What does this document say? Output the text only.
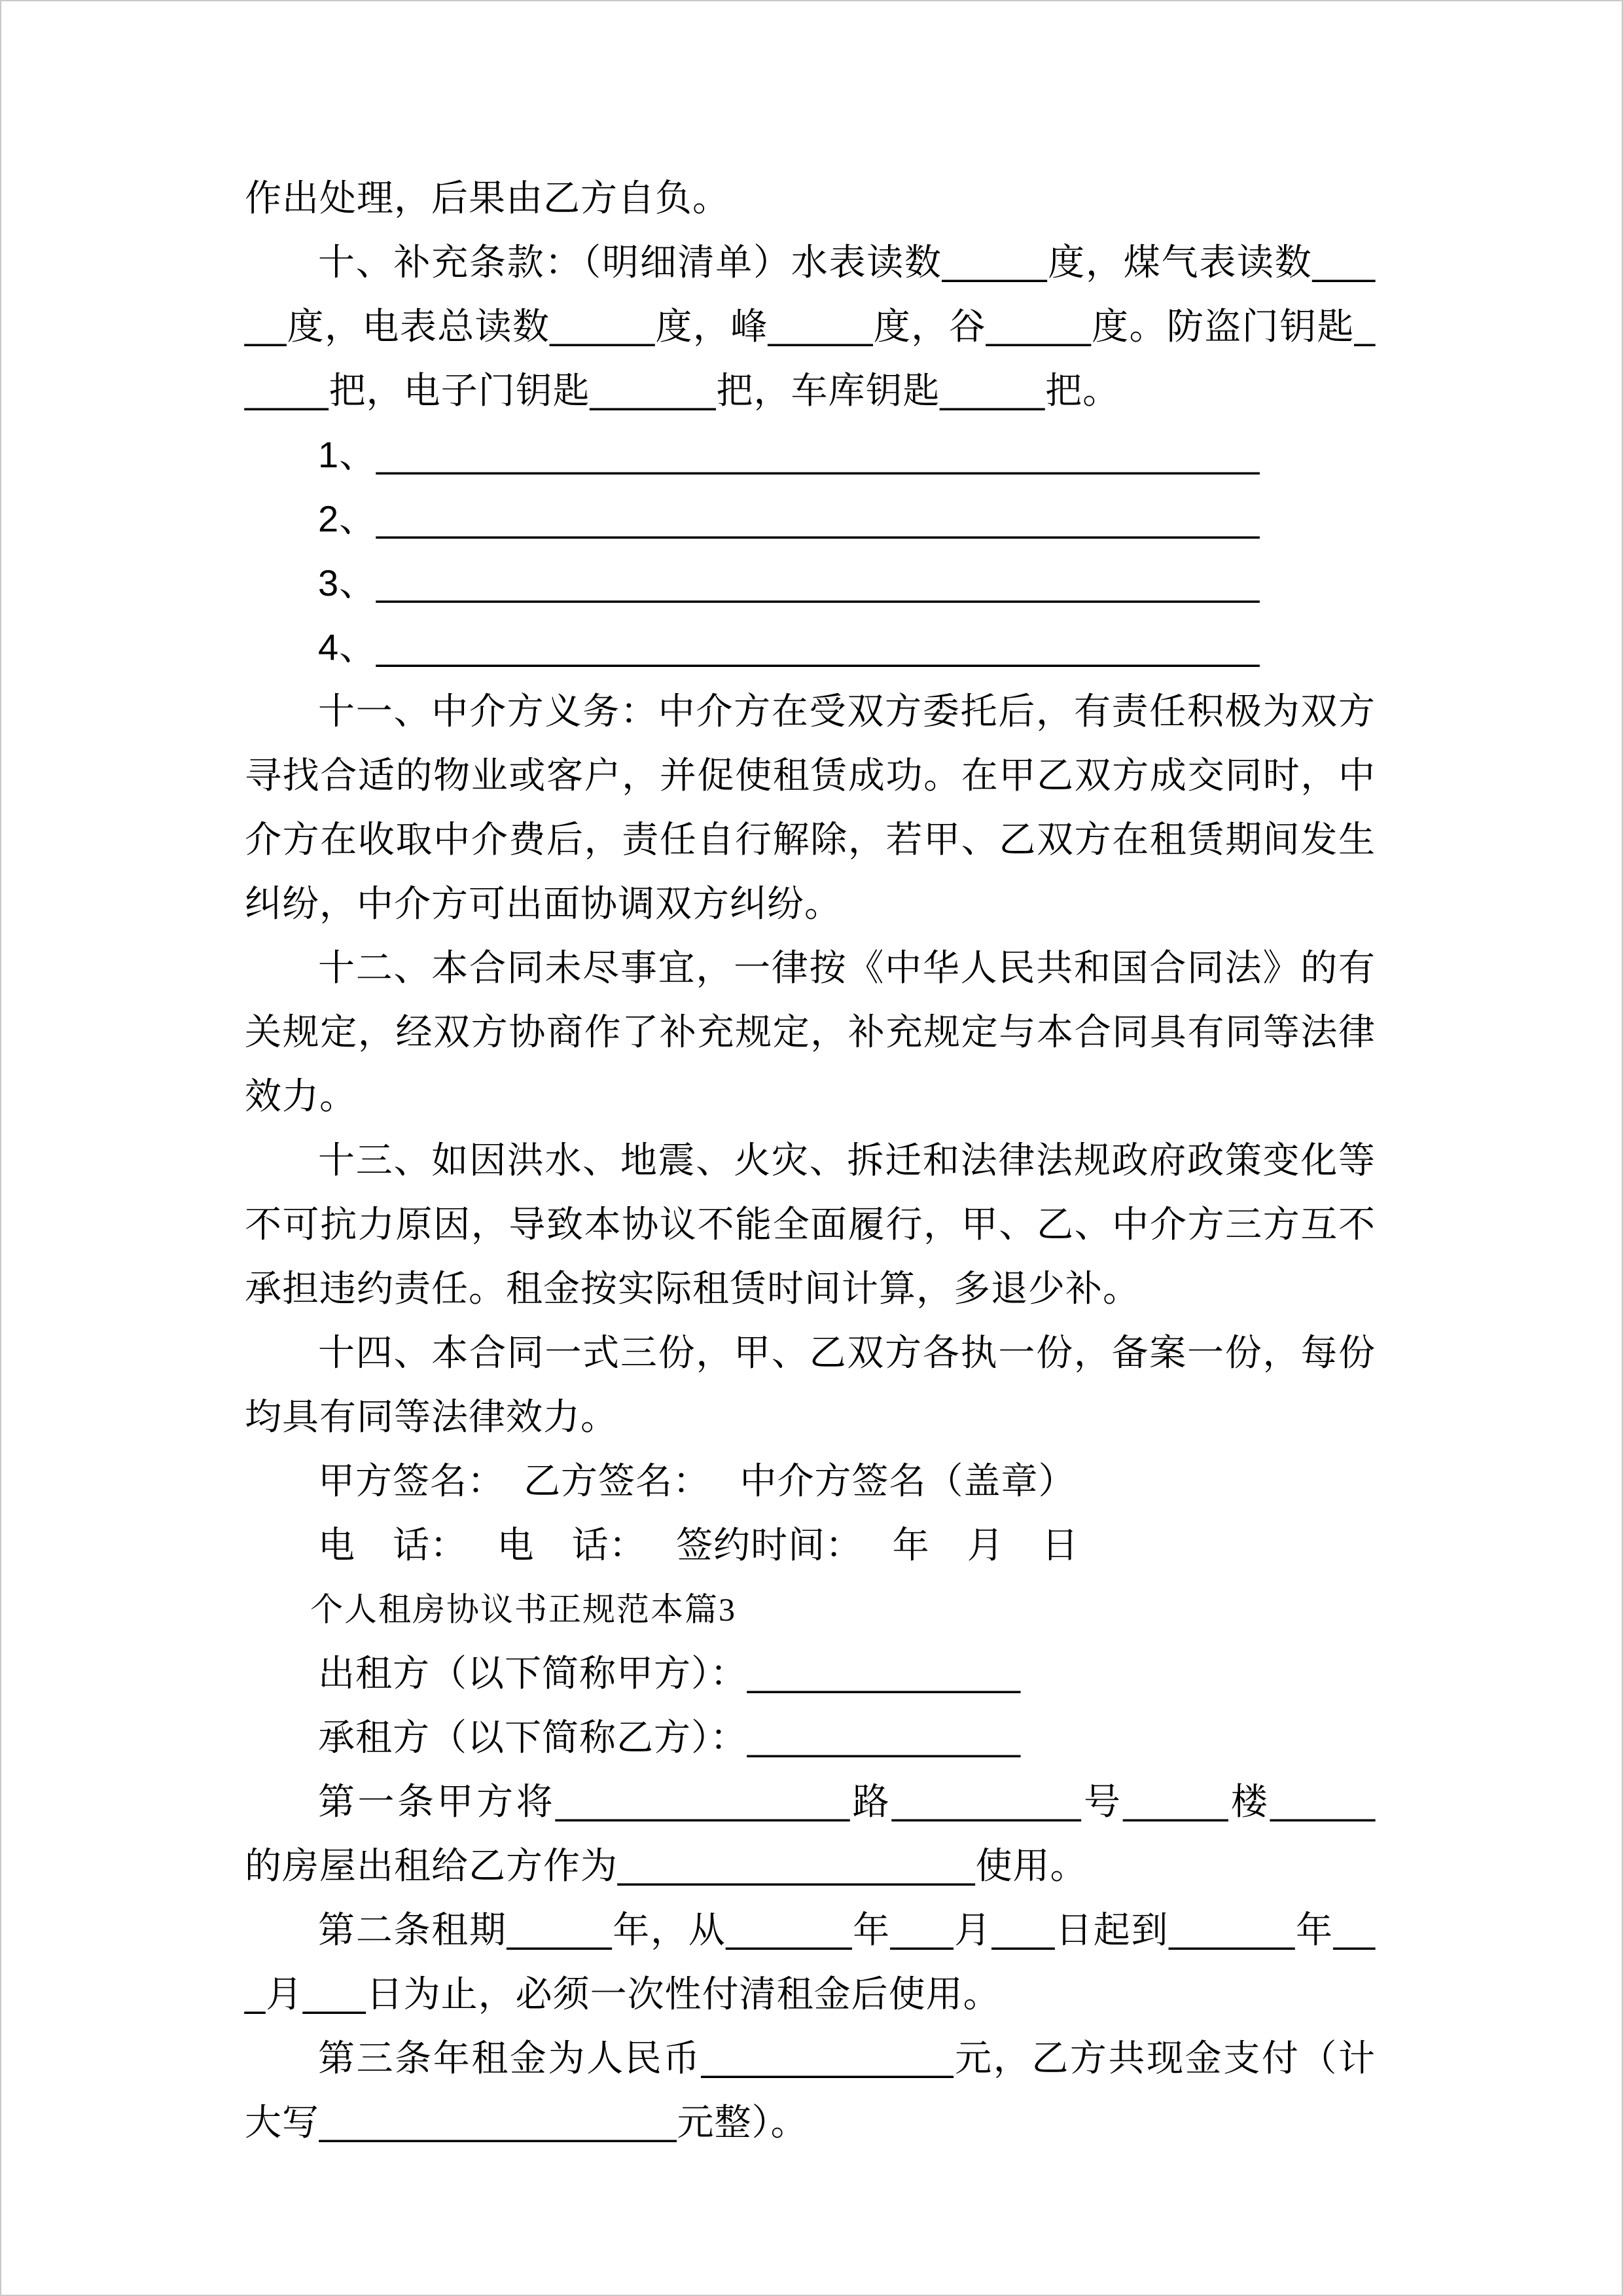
作出处理，后果由乙方自负。

十、补充条款：（明细清单）水表读数_____度，煤气表读数_____度，电表总读数_____度，峰_____度，谷_____度。防盗门钥匙_____把，电子门钥匙______把，车库钥匙_____把。

1、__________________________________________

2、__________________________________________

3、__________________________________________

4、__________________________________________

十一、中介方义务：中介方在受双方委托后，有责任积极为双方寻找合适的物业或客户，并促使租赁成功。在甲乙双方成交同时，中介方在收取中介费后，责任自行解除，若甲、乙双方在租赁期间发生纠纷，中介方可出面协调双方纠纷。

十二、本合同未尽事宜，一律按《中华人民共和国合同法》的有关规定，经双方协商作了补充规定，补充规定与本合同具有同等法律效力。

十三、如因洪水、地震、火灾、拆迁和法律法规政府政策变化等不可抗力原因，导致本协议不能全面履行，甲、乙、中介方三方互不承担违约责任。租金按实际租赁时间计算，多退少补。

十四、本合同一式三份，甲、乙双方各执一份，备案一份，每份均具有同等法律效力。

甲方签名：　乙方签名：　 中介方签名（盖章）

电　话：　 电　话：　 签约时间：　 年　月　日

个人租房协议书正规范本篇3

出租方（以下简称甲方）：_____________

承租方（以下简称乙方）：_____________

第一条甲方将______________路_________号_____楼_____的房屋出租给乙方作为_________________使用。

第二条租期_____年，从______年___月___日起到______年___月___日为止，必须一次性付清租金后使用。

第三条年租金为人民币____________元，乙方共现金支付（计大写_________________元整）。
